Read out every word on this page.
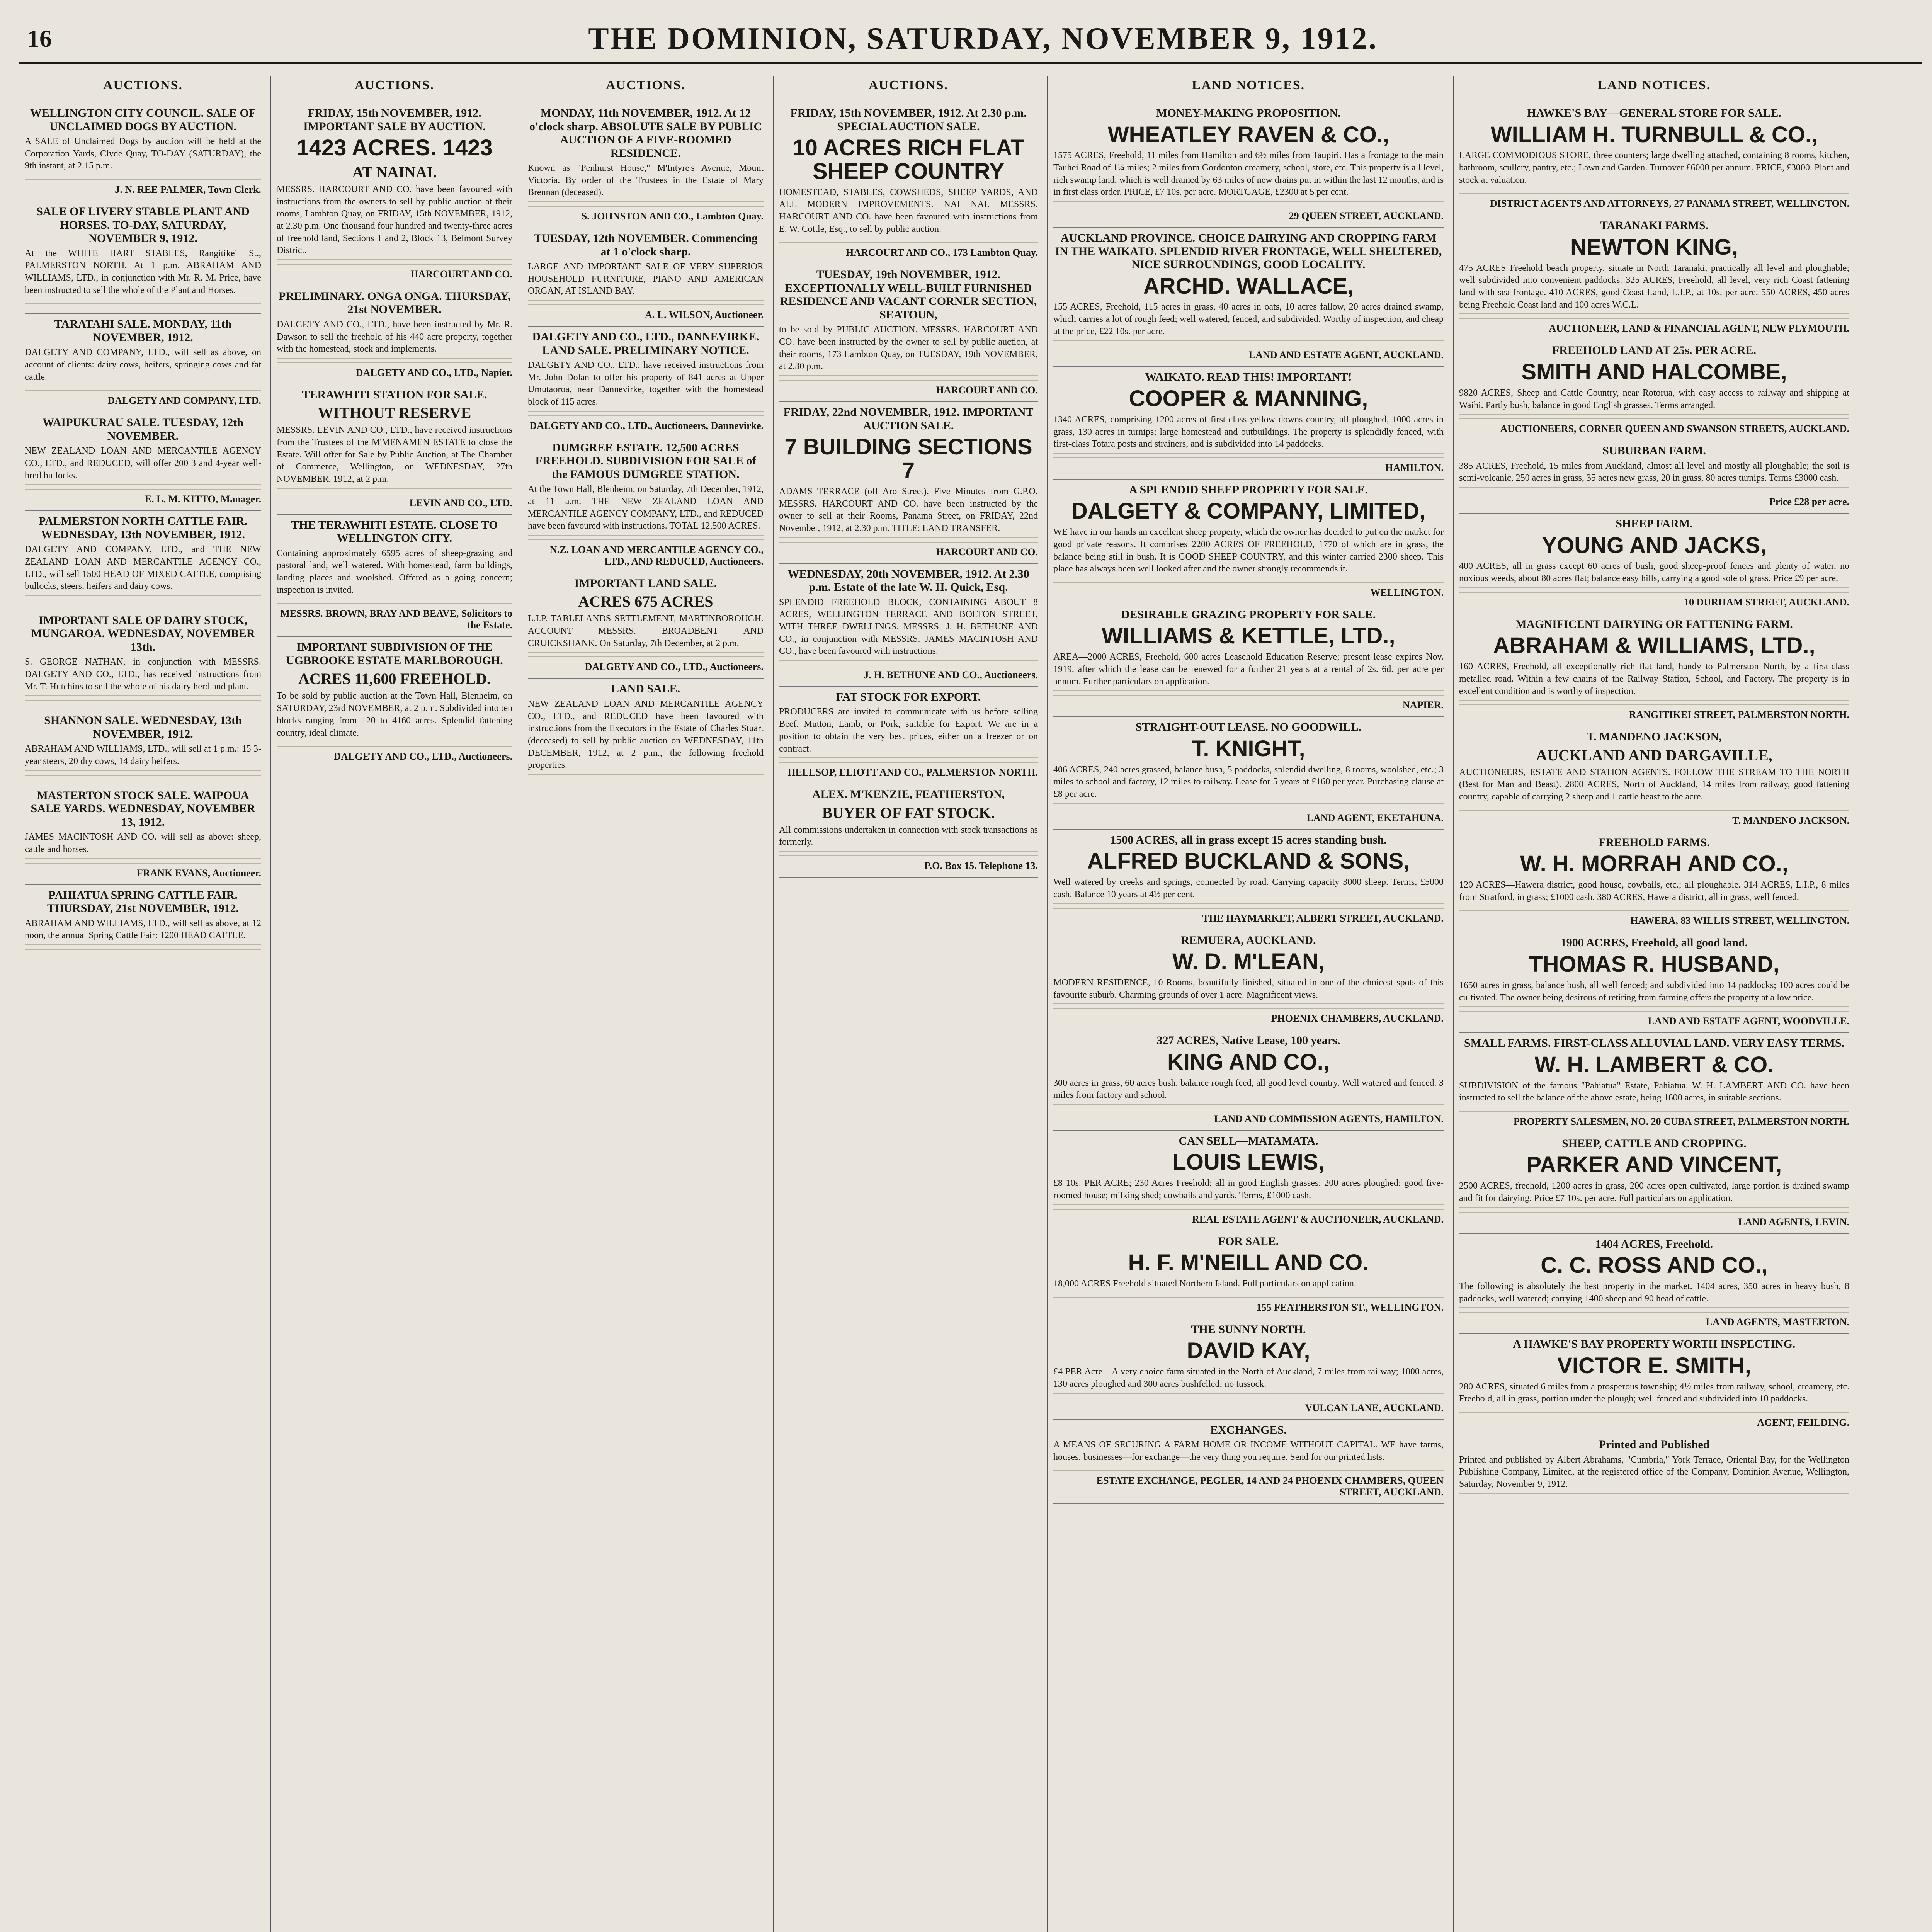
16	THE DOMINION, SATURDAY, NOVEMBER 9, 1912.
AUCTIONS.
WELLINGTON CITY COUNCIL. SALE OF UNCLAIMED DOGS BY AUCTION.
A SALE of Unclaimed Dogs by auction will be held at the Corporation Yards, Clyde Quay, TO-DAY (SATURDAY), the 9th instant, at 2.15 p.m.
J. N. REE PALMER, Town Clerk.
SALE OF LIVERY STABLE PLANT AND HORSES. TO-DAY, SATURDAY, NOVEMBER 9, 1912.
At the WHITE HART STABLES, Rangitikei St., PALMERSTON NORTH. At 1 p.m. ABRAHAM AND WILLIAMS, LTD., in conjunction with Mr. R. M. Price, have been instructed to sell the whole of the Plant and Horses.
TARATAHI SALE. MONDAY, 11th NOVEMBER, 1912.
DALGETY AND COMPANY, LTD., will sell as above, on account of clients: dairy cows, heifers, springing cows and fat cattle.
DALGETY AND COMPANY, LTD.
WAIPUKURAU SALE. TUESDAY, 12th NOVEMBER.
NEW ZEALAND LOAN AND MERCANTILE AGENCY CO., LTD., and REDUCED, will offer 200 3 and 4-year well-bred bullocks.
E. L. M. KITTO, Manager.
PALMERSTON NORTH CATTLE FAIR. WEDNESDAY, 13th NOVEMBER, 1912.
DALGETY AND COMPANY, LTD., and THE NEW ZEALAND LOAN AND MERCANTILE AGENCY CO., LTD., will sell 1500 HEAD OF MIXED CATTLE, comprising bullocks, steers, heifers and dairy cows.
IMPORTANT SALE OF DAIRY STOCK, MUNGAROA. WEDNESDAY, NOVEMBER 13th.
S. GEORGE NATHAN, in conjunction with MESSRS. DALGETY AND CO., LTD., has received instructions from Mr. T. Hutchins to sell the whole of his dairy herd and plant.
SHANNON SALE. WEDNESDAY, 13th NOVEMBER, 1912.
ABRAHAM AND WILLIAMS, LTD., will sell at 1 p.m.: 15 3-year steers, 20 dry cows, 14 dairy heifers.
MASTERTON STOCK SALE. WAIPOUA SALE YARDS. WEDNESDAY, NOVEMBER 13, 1912.
JAMES MACINTOSH AND CO. will sell as above: sheep, cattle and horses.
FRANK EVANS, Auctioneer.
PAHIATUA SPRING CATTLE FAIR. THURSDAY, 21st NOVEMBER, 1912.
ABRAHAM AND WILLIAMS, LTD., will sell as above, at 12 noon, the annual Spring Cattle Fair: 1200 HEAD CATTLE.
AUCTIONS.
FRIDAY, 15th NOVEMBER, 1912. IMPORTANT SALE BY AUCTION.
1423 ACRES. 1423
AT NAINAI.
MESSRS. HARCOURT AND CO. have been favoured with instructions from the owners to sell by public auction at their rooms, Lambton Quay, on FRIDAY, 15th NOVEMBER, 1912, at 2.30 p.m. One thousand four hundred and twenty-three acres of freehold land, Sections 1 and 2, Block 13, Belmont Survey District.
HARCOURT AND CO.
PRELIMINARY. ONGA ONGA. THURSDAY, 21st NOVEMBER.
DALGETY AND CO., LTD., have been instructed by Mr. R. Dawson to sell the freehold of his 440 acre property, together with the homestead, stock and implements.
DALGETY AND CO., LTD., Napier.
TERAWHITI STATION FOR SALE.
WITHOUT RESERVE
MESSRS. LEVIN AND CO., LTD., have received instructions from the Trustees of the M'MENAMEN ESTATE to close the Estate. Will offer for Sale by Public Auction, at The Chamber of Commerce, Wellington, on WEDNESDAY, 27th NOVEMBER, 1912, at 2 p.m.
LEVIN AND CO., LTD.
THE TERAWHITI ESTATE. CLOSE TO WELLINGTON CITY.
Containing approximately 6595 acres of sheep-grazing and pastoral land, well watered. With homestead, farm buildings, landing places and woolshed. Offered as a going concern; inspection is invited.
MESSRS. BROWN, BRAY AND BEAVE, Solicitors to the Estate.
IMPORTANT SUBDIVISION OF THE UGBROOKE ESTATE MARLBOROUGH.
ACRES 11,600 FREEHOLD.
To be sold by public auction at the Town Hall, Blenheim, on SATURDAY, 23rd NOVEMBER, at 2 p.m. Subdivided into ten blocks ranging from 120 to 4160 acres. Splendid fattening country, ideal climate.
DALGETY AND CO., LTD., Auctioneers.
AUCTIONS.
MONDAY, 11th NOVEMBER, 1912. At 12 o'clock sharp. ABSOLUTE SALE BY PUBLIC AUCTION OF A FIVE-ROOMED RESIDENCE.
Known as "Penhurst House," M'Intyre's Avenue, Mount Victoria. By order of the Trustees in the Estate of Mary Brennan (deceased).
S. JOHNSTON AND CO., Lambton Quay.
TUESDAY, 12th NOVEMBER. Commencing at 1 o'clock sharp.
LARGE AND IMPORTANT SALE OF VERY SUPERIOR HOUSEHOLD FURNITURE, PIANO AND AMERICAN ORGAN, AT ISLAND BAY.
A. L. WILSON, Auctioneer.
DALGETY AND CO., LTD., DANNEVIRKE. LAND SALE. PRELIMINARY NOTICE.
DALGETY AND CO., LTD., have received instructions from Mr. John Dolan to offer his property of 841 acres at Upper Umutaoroa, near Dannevirke, together with the homestead block of 115 acres.
DALGETY AND CO., LTD., Auctioneers, Dannevirke.
DUMGREE ESTATE. 12,500 ACRES FREEHOLD. SUBDIVISION FOR SALE of the FAMOUS DUMGREE STATION.
At the Town Hall, Blenheim, on Saturday, 7th December, 1912, at 11 a.m. THE NEW ZEALAND LOAN AND MERCANTILE AGENCY COMPANY, LTD., and REDUCED have been favoured with instructions. TOTAL 12,500 ACRES.
N.Z. LOAN AND MERCANTILE AGENCY CO., LTD., AND REDUCED, Auctioneers.
IMPORTANT LAND SALE.
ACRES 675 ACRES
L.I.P. TABLELANDS SETTLEMENT, MARTINBOROUGH. ACCOUNT MESSRS. BROADBENT AND CRUICKSHANK. On Saturday, 7th December, at 2 p.m.
DALGETY AND CO., LTD., Auctioneers.
LAND SALE.
NEW ZEALAND LOAN AND MERCANTILE AGENCY CO., LTD., and REDUCED have been favoured with instructions from the Executors in the Estate of Charles Stuart (deceased) to sell by public auction on WEDNESDAY, 11th DECEMBER, 1912, at 2 p.m., the following freehold properties.
AUCTIONS.
FRIDAY, 15th NOVEMBER, 1912. At 2.30 p.m. SPECIAL AUCTION SALE.
10 ACRES RICH FLAT SHEEP COUNTRY
HOMESTEAD, STABLES, COWSHEDS, SHEEP YARDS, AND ALL MODERN IMPROVEMENTS. NAI NAI. MESSRS. HARCOURT AND CO. have been favoured with instructions from E. W. Cottle, Esq., to sell by public auction.
HARCOURT AND CO., 173 Lambton Quay.
TUESDAY, 19th NOVEMBER, 1912. EXCEPTIONALLY WELL-BUILT FURNISHED RESIDENCE AND VACANT CORNER SECTION, SEATOUN,
to be sold by PUBLIC AUCTION. MESSRS. HARCOURT AND CO. have been instructed by the owner to sell by public auction, at their rooms, 173 Lambton Quay, on TUESDAY, 19th NOVEMBER, at 2.30 p.m.
HARCOURT AND CO.
FRIDAY, 22nd NOVEMBER, 1912. IMPORTANT AUCTION SALE.
7 BUILDING SECTIONS 7
ADAMS TERRACE (off Aro Street). Five Minutes from G.P.O. MESSRS. HARCOURT AND CO. have been instructed by the owner to sell at their Rooms, Panama Street, on FRIDAY, 22nd November, 1912, at 2.30 p.m. TITLE: LAND TRANSFER.
HARCOURT AND CO.
WEDNESDAY, 20th NOVEMBER, 1912. At 2.30 p.m. Estate of the late W. H. Quick, Esq.
SPLENDID FREEHOLD BLOCK, CONTAINING ABOUT 8 ACRES, WELLINGTON TERRACE AND BOLTON STREET, WITH THREE DWELLINGS. MESSRS. J. H. BETHUNE AND CO., in conjunction with MESSRS. JAMES MACINTOSH AND CO., have been favoured with instructions.
J. H. BETHUNE AND CO., Auctioneers.
FAT STOCK FOR EXPORT.
PRODUCERS are invited to communicate with us before selling Beef, Mutton, Lamb, or Pork, suitable for Export. We are in a position to obtain the very best prices, either on a freezer or on contract.
HELLSOP, ELIOTT AND CO., PALMERSTON NORTH.
ALEX. M'KENZIE, FEATHERSTON,
BUYER OF FAT STOCK.
All commissions undertaken in connection with stock transactions as formerly.
P.O. Box 15. Telephone 13.
LAND NOTICES.
MONEY-MAKING PROPOSITION.
WHEATLEY RAVEN & CO.,
1575 ACRES, Freehold, 11 miles from Hamilton and 6½ miles from Taupiri. Has a frontage to the main Tauhei Road of 1¼ miles; 2 miles from Gordonton creamery, school, store, etc. This property is all level, rich swamp land, which is well drained by 63 miles of new drains put in within the last 12 months, and is in first class order. PRICE, £7 10s. per acre. MORTGAGE, £2300 at 5 per cent.
29 QUEEN STREET, AUCKLAND.
AUCKLAND PROVINCE. CHOICE DAIRYING AND CROPPING FARM IN THE WAIKATO. SPLENDID RIVER FRONTAGE, WELL SHELTERED, NICE SURROUNDINGS, GOOD LOCALITY.
ARCHD. WALLACE,
155 ACRES, Freehold, 115 acres in grass, 40 acres in oats, 10 acres fallow, 20 acres drained swamp, which carries a lot of rough feed; well watered, fenced, and subdivided. Worthy of inspection, and cheap at the price, £22 10s. per acre.
LAND AND ESTATE AGENT, AUCKLAND.
WAIKATO. READ THIS! IMPORTANT!
COOPER & MANNING,
1340 ACRES, comprising 1200 acres of first-class yellow downs country, all ploughed, 1000 acres in grass, 130 acres in turnips; large homestead and outbuildings. The property is splendidly fenced, with first-class Totara posts and strainers, and is subdivided into 14 paddocks.
HAMILTON.
A SPLENDID SHEEP PROPERTY FOR SALE.
DALGETY & COMPANY, LIMITED,
WE have in our hands an excellent sheep property, which the owner has decided to put on the market for good private reasons. It comprises 2200 ACRES OF FREEHOLD, 1770 of which are in grass, the balance being still in bush. It is GOOD SHEEP COUNTRY, and this winter carried 2300 sheep. This place has always been well looked after and the owner strongly recommends it.
WELLINGTON.
DESIRABLE GRAZING PROPERTY FOR SALE.
WILLIAMS & KETTLE, LTD.,
AREA—2000 ACRES, Freehold, 600 acres Leasehold Education Reserve; present lease expires Nov. 1919, after which the lease can be renewed for a further 21 years at a rental of 2s. 6d. per acre per annum. Further particulars on application.
NAPIER.
STRAIGHT-OUT LEASE. NO GOODWILL.
T. KNIGHT,
406 ACRES, 240 acres grassed, balance bush, 5 paddocks, splendid dwelling, 8 rooms, woolshed, etc.; 3 miles to school and factory, 12 miles to railway. Lease for 5 years at £160 per year. Purchasing clause at £8 per acre.
LAND AGENT, EKETAHUNA.
1500 ACRES, all in grass except 15 acres standing bush.
ALFRED BUCKLAND & SONS,
Well watered by creeks and springs, connected by road. Carrying capacity 3000 sheep. Terms, £5000 cash. Balance 10 years at 4½ per cent.
THE HAYMARKET, ALBERT STREET, AUCKLAND.
REMUERA, AUCKLAND.
W. D. M'LEAN,
MODERN RESIDENCE, 10 Rooms, beautifully finished, situated in one of the choicest spots of this favourite suburb. Charming grounds of over 1 acre. Magnificent views.
PHOENIX CHAMBERS, AUCKLAND.
327 ACRES, Native Lease, 100 years.
KING AND CO.,
300 acres in grass, 60 acres bush, balance rough feed, all good level country. Well watered and fenced. 3 miles from factory and school.
LAND AND COMMISSION AGENTS, HAMILTON.
CAN SELL—MATAMATA.
LOUIS LEWIS,
£8 10s. PER ACRE; 230 Acres Freehold; all in good English grasses; 200 acres ploughed; good five-roomed house; milking shed; cowbails and yards. Terms, £1000 cash.
REAL ESTATE AGENT & AUCTIONEER, AUCKLAND.
FOR SALE.
H. F. M'NEILL AND CO.
18,000 ACRES Freehold situated Northern Island. Full particulars on application.
155 FEATHERSTON ST., WELLINGTON.
THE SUNNY NORTH.
DAVID KAY,
£4 PER Acre—A very choice farm situated in the North of Auckland, 7 miles from railway; 1000 acres, 130 acres ploughed and 300 acres bushfelled; no tussock.
VULCAN LANE, AUCKLAND.
EXCHANGES.
A MEANS OF SECURING A FARM HOME OR INCOME WITHOUT CAPITAL. WE have farms, houses, businesses—for exchange—the very thing you require. Send for our printed lists.
ESTATE EXCHANGE, PEGLER, 14 AND 24 PHOENIX CHAMBERS, QUEEN STREET, AUCKLAND.
LAND NOTICES.
HAWKE'S BAY—GENERAL STORE FOR SALE.
WILLIAM H. TURNBULL & CO.,
LARGE COMMODIOUS STORE, three counters; large dwelling attached, containing 8 rooms, kitchen, bathroom, scullery, pantry, etc.; Lawn and Garden. Turnover £6000 per annum. PRICE, £3000. Plant and stock at valuation.
DISTRICT AGENTS AND ATTORNEYS, 27 PANAMA STREET, WELLINGTON.
TARANAKI FARMS.
NEWTON KING,
475 ACRES Freehold beach property, situate in North Taranaki, practically all level and ploughable; well subdivided into convenient paddocks. 325 ACRES, Freehold, all level, very rich Coast fattening land with sea frontage. 410 ACRES, good Coast Land, L.I.P., at 10s. per acre. 550 ACRES, 450 acres being Freehold Coast land and 100 acres W.C.L.
AUCTIONEER, LAND & FINANCIAL AGENT, NEW PLYMOUTH.
FREEHOLD LAND AT 25s. PER ACRE.
SMITH AND HALCOMBE,
9820 ACRES, Sheep and Cattle Country, near Rotorua, with easy access to railway and shipping at Waihi. Partly bush, balance in good English grasses. Terms arranged.
AUCTIONEERS, CORNER QUEEN AND SWANSON STREETS, AUCKLAND.
SUBURBAN FARM.
385 ACRES, Freehold, 15 miles from Auckland, almost all level and mostly all ploughable; the soil is semi-volcanic, 250 acres in grass, 35 acres new grass, 20 in grass, 80 acres turnips. Terms £3000 cash.
Price £28 per acre.
SHEEP FARM.
YOUNG AND JACKS,
400 ACRES, all in grass except 60 acres of bush, good sheep-proof fences and plenty of water, no noxious weeds, about 80 acres flat; balance easy hills, carrying a good sole of grass. Price £9 per acre.
10 DURHAM STREET, AUCKLAND.
MAGNIFICENT DAIRYING OR FATTENING FARM.
ABRAHAM & WILLIAMS, LTD.,
160 ACRES, Freehold, all exceptionally rich flat land, handy to Palmerston North, by a first-class metalled road. Within a few chains of the Railway Station, School, and Factory. The property is in excellent condition and is worthy of inspection.
RANGITIKEI STREET, PALMERSTON NORTH.
T. MANDENO JACKSON,
AUCKLAND AND DARGAVILLE,
AUCTIONEERS, ESTATE AND STATION AGENTS. FOLLOW THE STREAM TO THE NORTH (Best for Man and Beast). 2800 ACRES, North of Auckland, 14 miles from railway, good fattening country, capable of carrying 2 sheep and 1 cattle beast to the acre.
T. MANDENO JACKSON.
FREEHOLD FARMS.
W. H. MORRAH AND CO.,
120 ACRES—Hawera district, good house, cowbails, etc.; all ploughable. 314 ACRES, L.I.P., 8 miles from Stratford, in grass; £1000 cash. 380 ACRES, Hawera district, all in grass, well fenced.
HAWERA, 83 WILLIS STREET, WELLINGTON.
1900 ACRES, Freehold, all good land.
THOMAS R. HUSBAND,
1650 acres in grass, balance bush, all well fenced; and subdivided into 14 paddocks; 100 acres could be cultivated. The owner being desirous of retiring from farming offers the property at a low price.
LAND AND ESTATE AGENT, WOODVILLE.
SMALL FARMS. FIRST-CLASS ALLUVIAL LAND. VERY EASY TERMS.
W. H. LAMBERT & CO.
SUBDIVISION of the famous "Pahiatua" Estate, Pahiatua. W. H. LAMBERT AND CO. have been instructed to sell the balance of the above estate, being 1600 acres, in suitable sections.
PROPERTY SALESMEN, NO. 20 CUBA STREET, PALMERSTON NORTH.
SHEEP, CATTLE AND CROPPING.
PARKER AND VINCENT,
2500 ACRES, freehold, 1200 acres in grass, 200 acres open cultivated, large portion is drained swamp and fit for dairying. Price £7 10s. per acre. Full particulars on application.
LAND AGENTS, LEVIN.
1404 ACRES, Freehold.
C. C. ROSS AND CO.,
The following is absolutely the best property in the market. 1404 acres, 350 acres in heavy bush, 8 paddocks, well watered; carrying 1400 sheep and 90 head of cattle.
LAND AGENTS, MASTERTON.
A HAWKE'S BAY PROPERTY WORTH INSPECTING.
VICTOR E. SMITH,
280 ACRES, situated 6 miles from a prosperous township; 4½ miles from railway, school, creamery, etc. Freehold, all in grass, portion under the plough; well fenced and subdivided into 10 paddocks.
AGENT, FEILDING.
Printed and Published
Printed and published by Albert Abrahams, "Cumbria," York Terrace, Oriental Bay, for the Wellington Publishing Company, Limited, at the registered office of the Company, Dominion Avenue, Wellington, Saturday, November 9, 1912.
